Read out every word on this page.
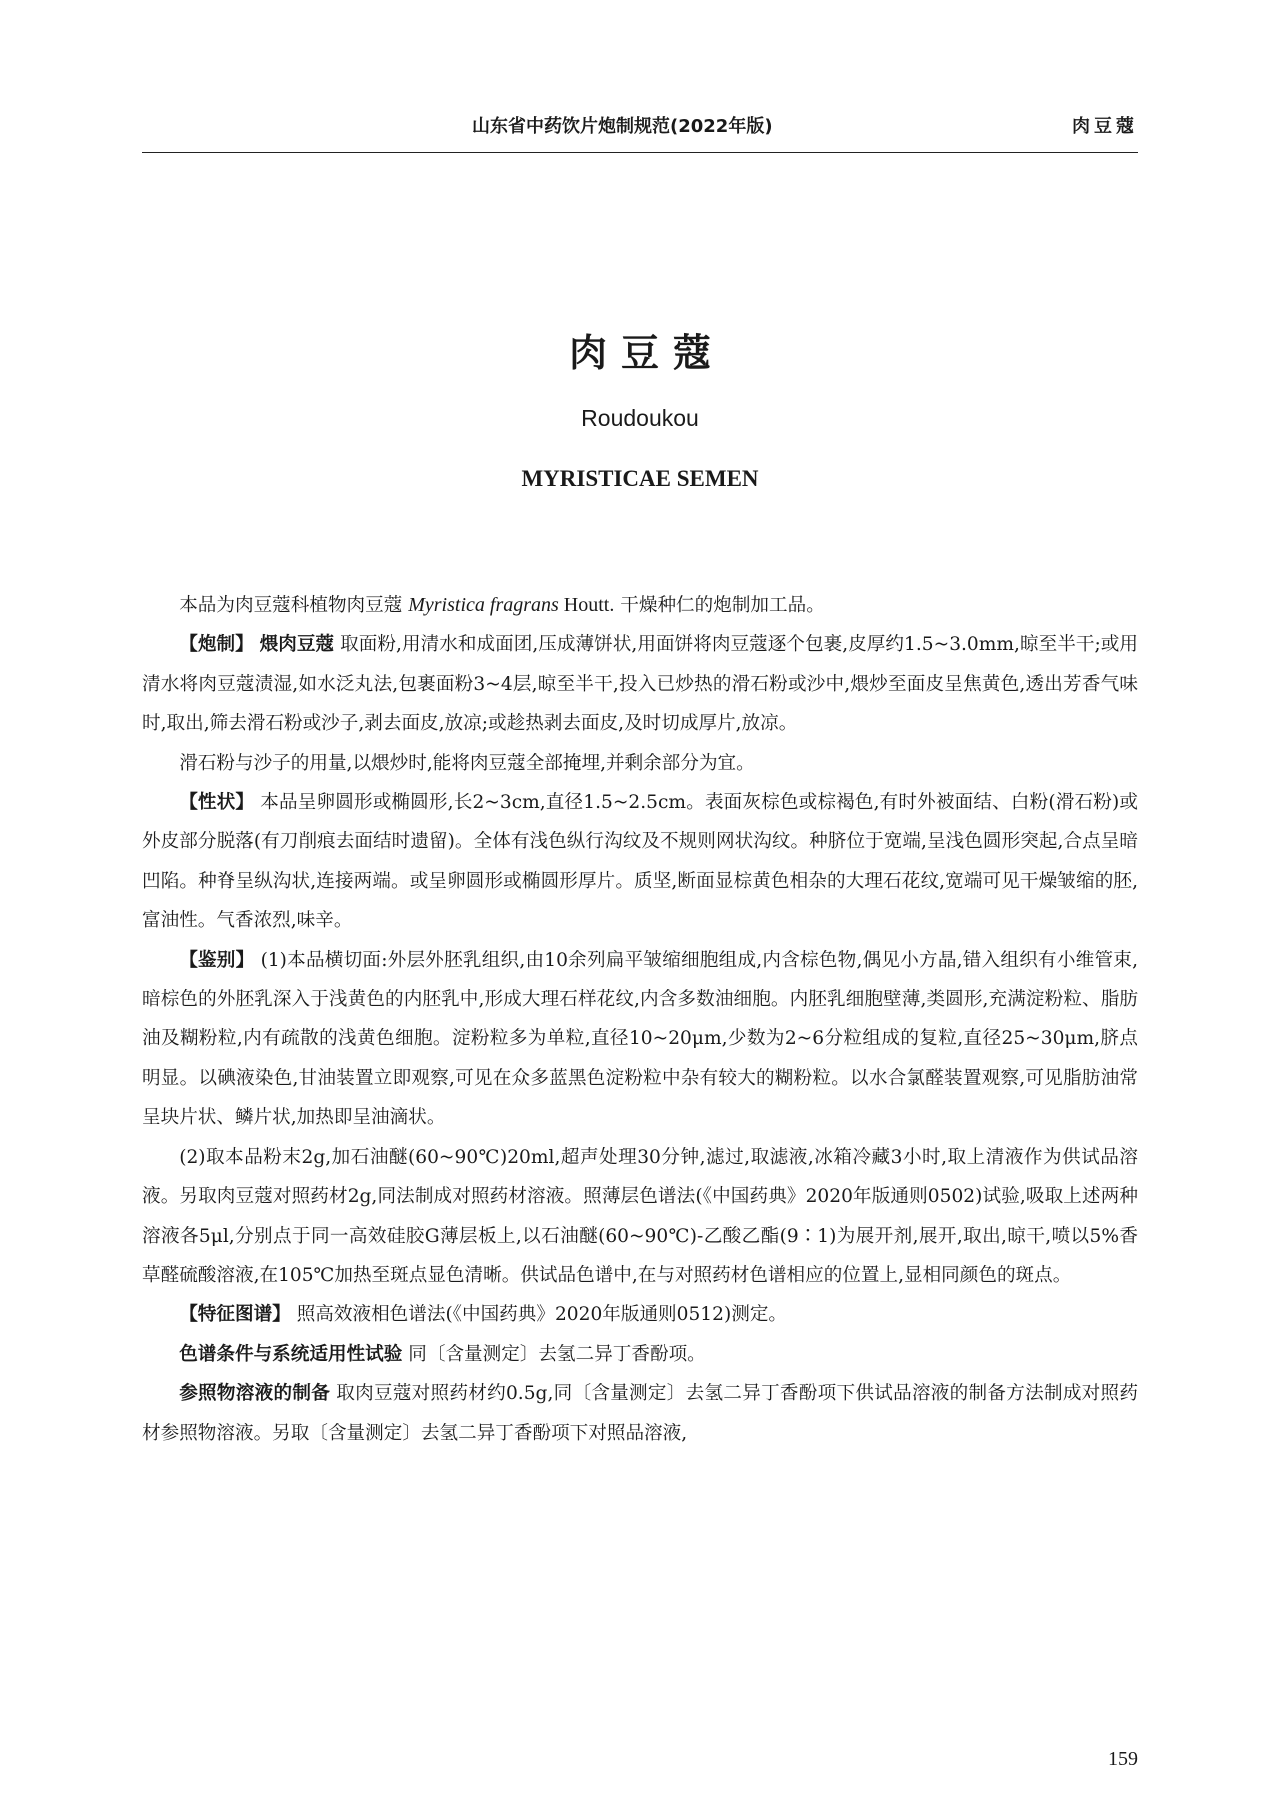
山东省中药饮片炮制规范(2022年版)	肉豆蔻
肉豆蔻
Roudoukou
MYRISTICAE SEMEN

本品为肉豆蔻科植物肉豆蔻 Myristica fragrans Houtt. 干燥种仁的炮制加工品。

【炮制】 煨肉豆蔻 取面粉,用清水和成面团,压成薄饼状,用面饼将肉豆蔻逐个包裹,皮厚约1.5~3.0mm,晾至半干;或用清水将肉豆蔻渍湿,如水泛丸法,包裹面粉3~4层,晾至半干,投入已炒热的滑石粉或沙中,煨炒至面皮呈焦黄色,透出芳香气味时,取出,筛去滑石粉或沙子,剥去面皮,放凉;或趁热剥去面皮,及时切成厚片,放凉。

滑石粉与沙子的用量,以煨炒时,能将肉豆蔻全部掩埋,并剩余部分为宜。

【性状】 本品呈卵圆形或椭圆形,长2~3cm,直径1.5~2.5cm。表面灰棕色或棕褐色,有时外被面结、白粉(滑石粉)或外皮部分脱落(有刀削痕去面结时遗留)。全体有浅色纵行沟纹及不规则网状沟纹。种脐位于宽端,呈浅色圆形突起,合点呈暗凹陷。种脊呈纵沟状,连接两端。或呈卵圆形或椭圆形厚片。质坚,断面显棕黄色相杂的大理石花纹,宽端可见干燥皱缩的胚,富油性。气香浓烈,味辛。

【鉴别】 (1)本品横切面:外层外胚乳组织,由10余列扁平皱缩细胞组成,内含棕色物,偶见小方晶,错入组织有小维管束,暗棕色的外胚乳深入于浅黄色的内胚乳中,形成大理石样花纹,内含多数油细胞。内胚乳细胞壁薄,类圆形,充满淀粉粒、脂肪油及糊粉粒,内有疏散的浅黄色细胞。淀粉粒多为单粒,直径10~20μm,少数为2~6分粒组成的复粒,直径25~30μm,脐点明显。以碘液染色,甘油装置立即观察,可见在众多蓝黑色淀粉粒中杂有较大的糊粉粒。以水合氯醛装置观察,可见脂肪油常呈块片状、鳞片状,加热即呈油滴状。

(2)取本品粉末2g,加石油醚(60~90℃)20ml,超声处理30分钟,滤过,取滤液,冰箱冷藏3小时,取上清液作为供试品溶液。另取肉豆蔻对照药材2g,同法制成对照药材溶液。照薄层色谱法(《中国药典》2020年版通则0502)试验,吸取上述两种溶液各5μl,分别点于同一高效硅胶G薄层板上,以石油醚(60~90℃)-乙酸乙酯(9∶1)为展开剂,展开,取出,晾干,喷以5%香草醛硫酸溶液,在105℃加热至斑点显色清晰。供试品色谱中,在与对照药材色谱相应的位置上,显相同颜色的斑点。

【特征图谱】 照高效液相色谱法(《中国药典》2020年版通则0512)测定。

色谱条件与系统适用性试验 同〔含量测定〕去氢二异丁香酚项。

参照物溶液的制备 取肉豆蔻对照药材约0.5g,同〔含量测定〕去氢二异丁香酚项下供试品溶液的制备方法制成对照药材参照物溶液。另取〔含量测定〕去氢二异丁香酚项下对照品溶液,

159
